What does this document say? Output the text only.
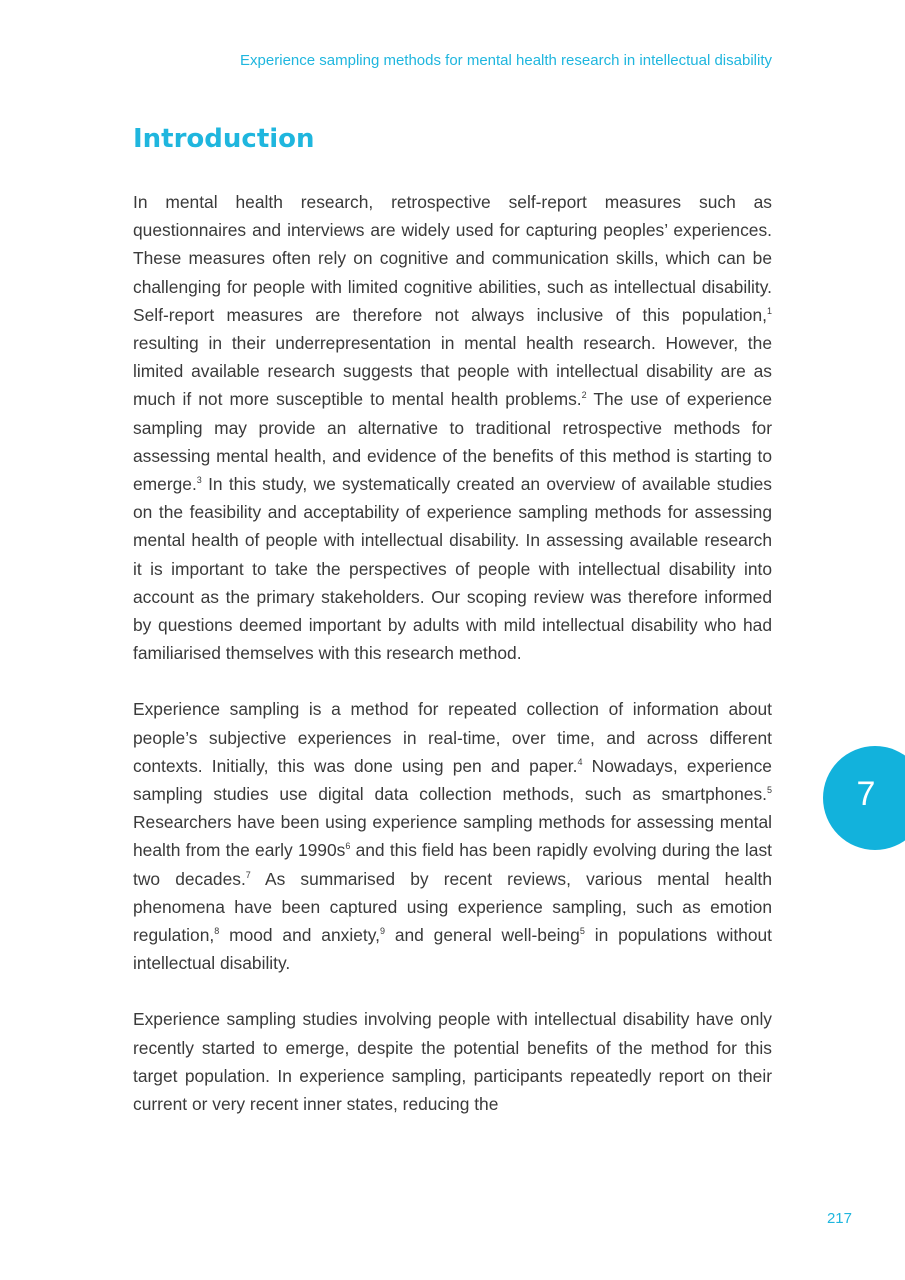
Experience sampling methods for mental health research in intellectual disability
Introduction

In mental health research, retrospective self-report measures such as questionnaires and interviews are widely used for capturing peoples’ experiences. These measures often rely on cognitive and communication skills, which can be challenging for people with limited cognitive abilities, such as intellectual disability. Self-report measures are therefore not always inclusive of this population,$^1$ resulting in their underrepresentation in mental health research. However, the limited available research suggests that people with intellectual disability are as much if not more susceptible to mental health problems.$^2$ The use of experience sampling may provide an alternative to traditional retrospective methods for assessing mental health, and evidence of the benefits of this method is starting to emerge.$^3$ In this study, we systematically created an overview of available studies on the feasibility and acceptability of experience sampling methods for assessing mental health of people with intellectual disability. In assessing available research it is important to take the perspectives of people with intellectual disability into account as the primary stakeholders. Our scoping review was therefore informed by questions deemed important by adults with mild intellectual disability who had familiarised themselves with this research method.

Experience sampling is a method for repeated collection of information about people’s subjective experiences in real-time, over time, and across different contexts. Initially, this was done using pen and paper.$^4$ Nowadays, experience sampling studies use digital data collection methods, such as smartphones.$^5$ Researchers have been using experience sampling methods for assessing mental health from the early $1990s^6$ and this field has been rapidly evolving during the last two decades.$^7$ As summarised by recent reviews, various mental health phenomena have been captured using experience sampling, such as emotion regulation,$^8$ mood and anxiety,$^9$ and general well-being$^5$ in populations without intellectual disability.

Experience sampling studies involving people with intellectual disability have only recently started to emerge, despite the potential benefits of the method for this target population. In experience sampling, participants repeatedly report on their current or very recent inner states, reducing the

7
217
